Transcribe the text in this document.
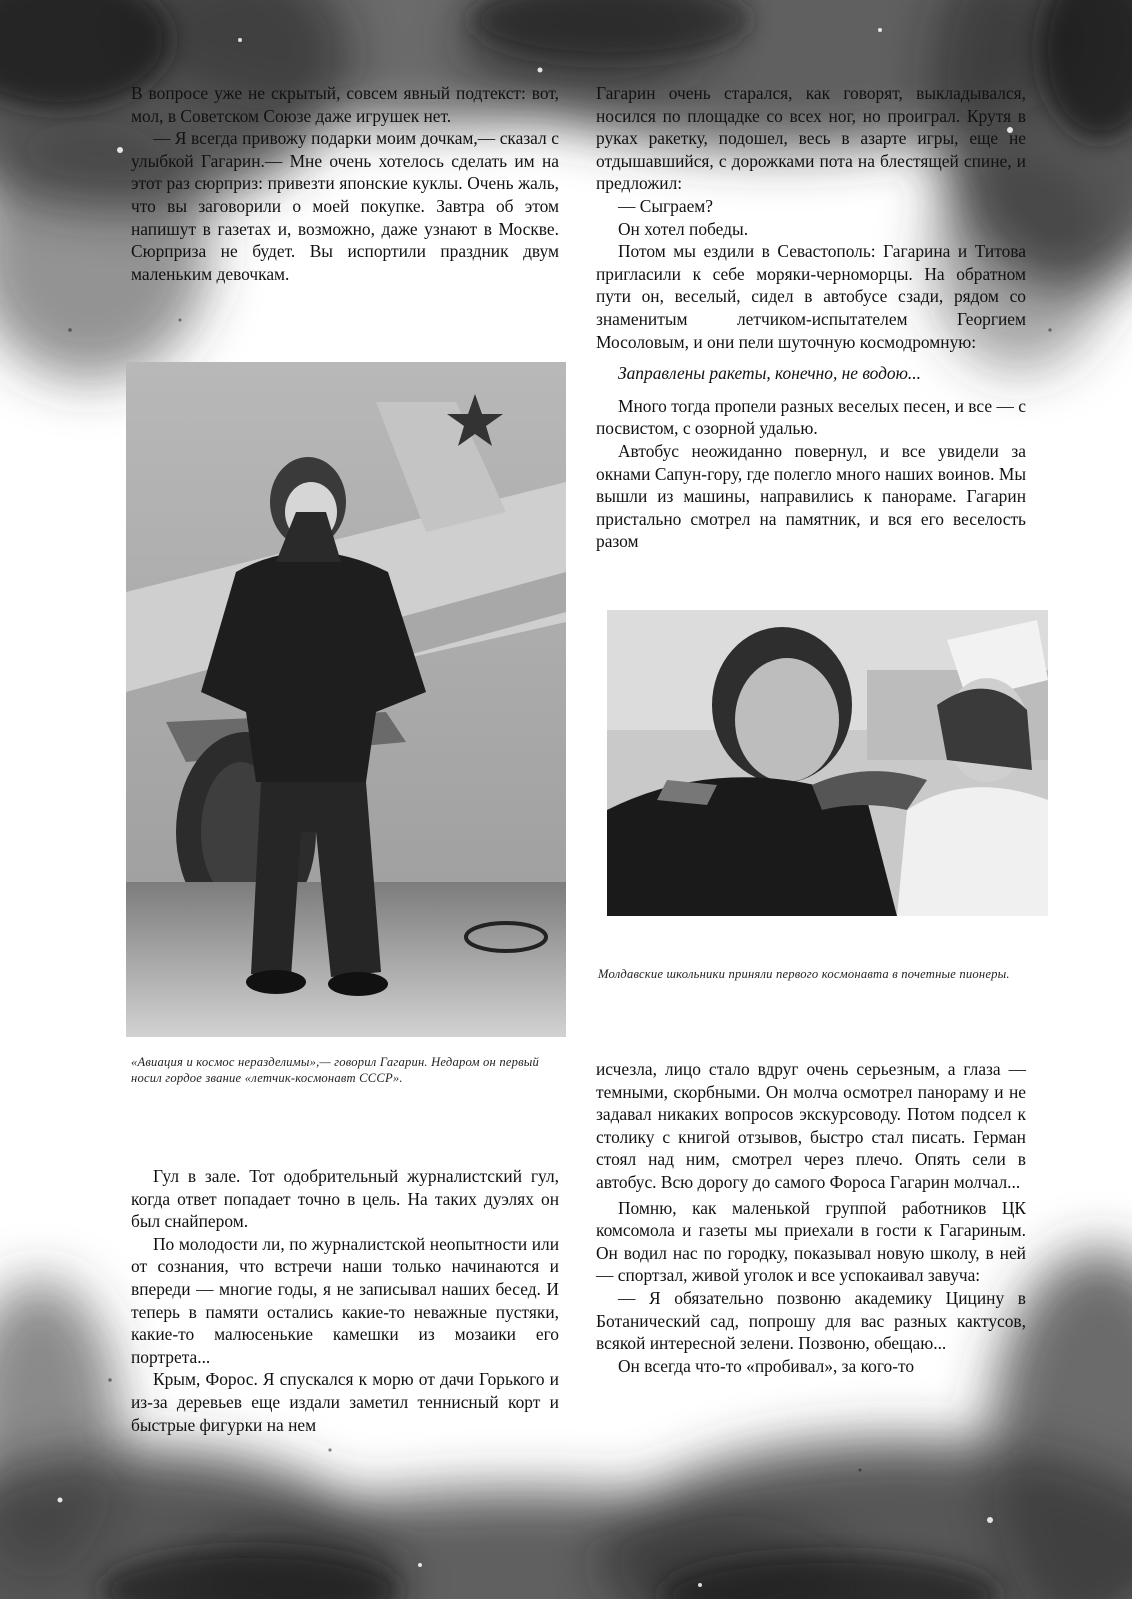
В вопросе уже не скрытый, совсем явный подтекст: вот, мол, в Советском Союзе даже игрушек нет.

— Я всегда привожу подарки моим дочкам,— сказал с улыбкой Гагарин.— Мне очень хотелось сделать им на этот раз сюрприз: привезти японские куклы. Очень жаль, что вы заговорили о моей покупке. Завтра об этом напишут в газетах и, возможно, даже узнают в Москве. Сюрприза не будет. Вы испортили праздник двум маленьким девочкам.

Гагарин очень старался, как говорят, выкладывался, носился по площадке со всех ног, но проиграл. Крутя в руках ракетку, подошел, весь в азарте игры, еще не отдышавшийся, с дорожками пота на блестящей спине, и предложил:

— Сыграем?

Он хотел победы.

Потом мы ездили в Севастополь: Гагарина и Титова пригласили к себе моряки-черноморцы. На обратном пути он, веселый, сидел в автобусе сзади, рядом со знаменитым летчиком-испытателем Георгием Мосоловым, и они пели шуточную космодромную:

Заправлены ракеты, конечно, не водою...

Много тогда пропели разных веселых песен, и все — с посвистом, с озорной удалью.

Автобус неожиданно повернул, и все увидели за окнами Сапун-гору, где полегло много наших воинов. Мы вышли из машины, направились к панораме. Гагарин пристально смотрел на памятник, и вся его веселость разом

Молдавские школьники приняли первого космонавта в почетные пионеры.
«Авиация и космос неразделимы»,— говорил Гагарин. Недаром он первый носил гордое звание «летчик-космонавт СССР».

Гул в зале. Тот одобрительный журналистский гул, когда ответ попадает точно в цель. На таких дуэлях он был снайпером.

По молодости ли, по журналистской неопытности или от сознания, что встречи наши только начинаются и впереди — многие годы, я не записывал наших бесед. И теперь в памяти остались какие-то неважные пустяки, какие-то малюсенькие камешки из мозаики его портрета...

Крым, Форос. Я спускался к морю от дачи Горького и из-за деревьев еще издали заметил теннисный корт и быстрые фигурки на нем

исчезла, лицо стало вдруг очень серьезным, а глаза — темными, скорбными. Он молча осмотрел панораму и не задавал никаких вопросов экскурсоводу. Потом подсел к столику с книгой отзывов, быстро стал писать. Герман стоял над ним, смотрел через плечо. Опять сели в автобус. Всю дорогу до самого Фороса Гагарин молчал...

Помню, как маленькой группой работников ЦК комсомола и газеты мы приехали в гости к Гагариным. Он водил нас по городку, показывал новую школу, в ней — спортзал, живой уголок и все успокаивал завуча:

— Я обязательно позвоню академику Цицину в Ботанический сад, попрошу для вас разных кактусов, всякой интересной зелени. Позвоню, обещаю...

Он всегда что-то «пробивал», за кого-то
